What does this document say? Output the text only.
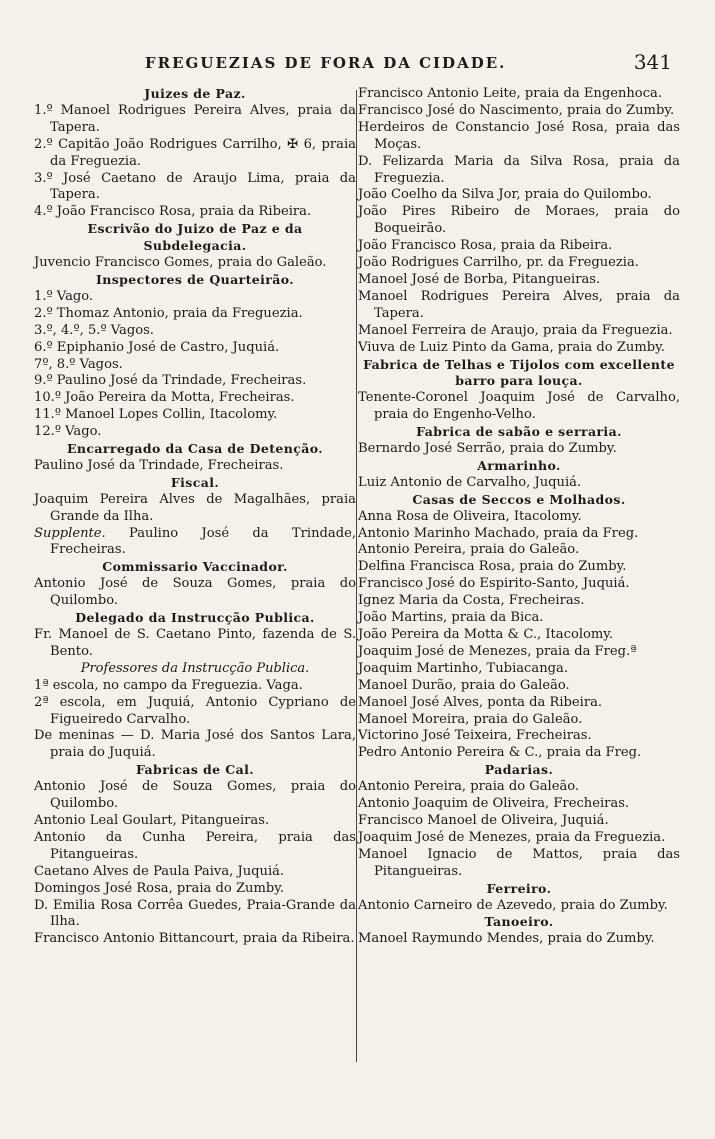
FREGUEZIAS DE FORA DA CIDADE.	341
Juizes de Paz.
1.º Manoel Rodrigues Pereira Alves, praia da Tapera.
2.º Capitão João Rodrigues Carrilho, ✠ 6, praia da Freguezia.
3.º José Caetano de Araujo Lima, praia da Tapera.
4.º João Francisco Rosa, praia da Ribeira.
Escrivão do Juizo de Paz e da Subdelegacia.
Juvencio Francisco Gomes, praia do Galeão.
Inspectores de Quarteirão.
1.º Vago.
2.º Thomaz Antonio, praia da Freguezia.
3.º, 4.º, 5.º Vagos.
6.º Epiphanio José de Castro, Juquiá.
7º, 8.º Vagos.
9.º Paulino José da Trindade, Frecheiras.
10.º João Pereira da Motta, Frecheiras.
11.º Manoel Lopes Collin, Itacolomy.
12.º Vago.
Encarregado da Casa de Detenção.
Paulino José da Trindade, Frecheiras.
Fiscal.
Joaquim Pereira Alves de Magalhães, praia Grande da Ilha.
Supplente. Paulino José da Trindade, Frecheiras.
Commissario Vaccinador.
Antonio José de Souza Gomes, praia do Quilombo.
Delegado da Instrucção Publica.
Fr. Manoel de S. Caetano Pinto, fazenda de S. Bento.
Professores da Instrucção Publica.
1ª escola, no campo da Freguezia. Vaga.
2ª escola, em Juquiá, Antonio Cypriano de Figueiredo Carvalho.
De meninas — D. Maria José dos Santos Lara, praia do Juquiá.
Fabricas de Cal.
Antonio José de Souza Gomes, praia do Quilombo.
Antonio Leal Goulart, Pitangueiras.
Antonio da Cunha Pereira, praia das Pitangueiras.
Caetano Alves de Paula Paiva, Juquiá.
Domingos José Rosa, praia do Zumby.
D. Emilia Rosa Corrêa Guedes, Praia-Grande da Ilha.
Francisco Antonio Bittancourt, praia da Ribeira.
Francisco Antonio Leite, praia da Engenhoca.
Francisco José do Nascimento, praia do Zumby.
Herdeiros de Constancio José Rosa, praia das Moças.
D. Felizarda Maria da Silva Rosa, praia da Freguezia.
João Coelho da Silva Jor, praia do Quilombo.
João Pires Ribeiro de Moraes, praia do Boqueirão.
João Francisco Rosa, praia da Ribeira.
João Rodrigues Carrilho, pr. da Freguezia.
Manoel José de Borba, Pitangueiras.
Manoel Rodrigues Pereira Alves, praia da Tapera.
Manoel Ferreira de Araujo, praia da Freguezia.
Viuva de Luiz Pinto da Gama, praia do Zumby.
Fabrica de Telhas e Tijolos com excellente barro para louça.
Tenente-Coronel Joaquim José de Carvalho, praia do Engenho-Velho.
Fabrica de sabão e serraria.
Bernardo José Serrão, praia do Zumby.
Armarinho.
Luiz Antonio de Carvalho, Juquiá.
Casas de Seccos e Molhados.
Anna Rosa de Oliveira, Itacolomy.
Antonio Marinho Machado, praia da Freg.
Antonio Pereira, praia do Galeão.
Delfina Francisca Rosa, praia do Zumby.
Francisco José do Espirito-Santo, Juquiá.
Ignez Maria da Costa, Frecheiras.
João Martins, praia da Bica.
João Pereira da Motta & C., Itacolomy.
Joaquim José de Menezes, praia da Freg.ª
Joaquim Martinho, Tubiacanga.
Manoel Durão, praia do Galeão.
Manoel José Alves, ponta da Ribeira.
Manoel Moreira, praia do Galeão.
Victorino José Teixeira, Frecheiras.
Pedro Antonio Pereira & C., praia da Freg.
Padarias.
Antonio Pereira, praia do Galeão.
Antonio Joaquim de Oliveira, Frecheiras.
Francisco Manoel de Oliveira, Juquiá.
Joaquim José de Menezes, praia da Freguezia.
Manoel Ignacio de Mattos, praia das Pitangueiras.
Ferreiro.
Antonio Carneiro de Azevedo, praia do Zumby.
Tanoeiro.
Manoel Raymundo Mendes, praia do Zumby.
